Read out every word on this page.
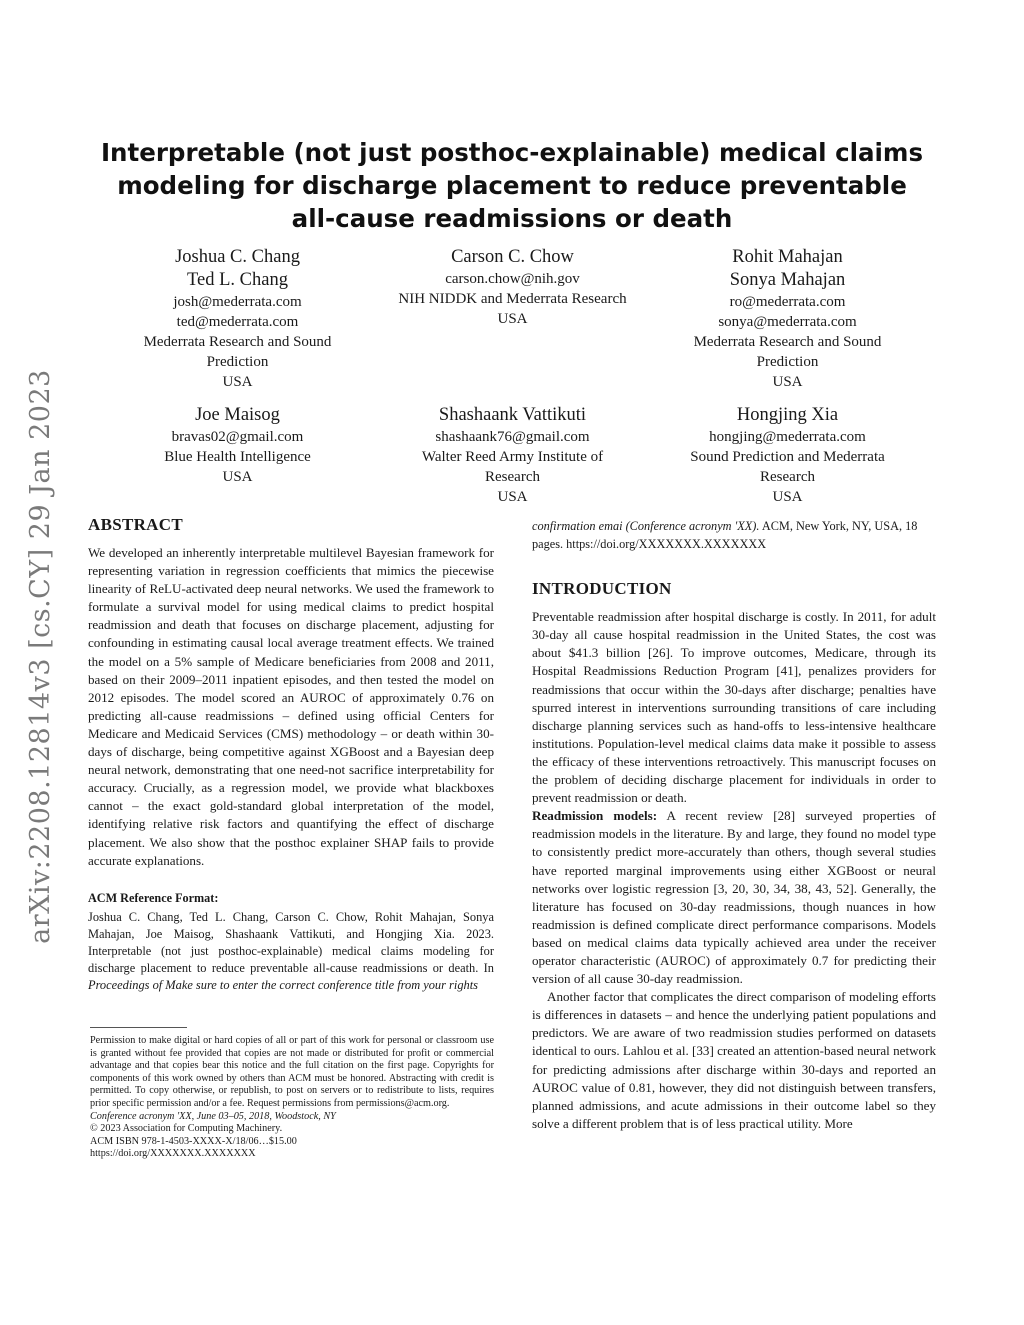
arXiv:2208.12814v3 [cs.CY] 29 Jan 2023
Interpretable (not just posthoc-explainable) medical claims
modeling for discharge placement to reduce preventable
all-cause readmissions or death
Joshua C. Chang
Ted L. Chang
josh@mederrata.com
ted@mederrata.com
Mederrata Research and Sound
Prediction
USA
Carson C. Chow
carson.chow@nih.gov
NIH NIDDK and Mederrata Research
USA
Rohit Mahajan
Sonya Mahajan
ro@mederrata.com
sonya@mederrata.com
Mederrata Research and Sound
Prediction
USA
Joe Maisog
bravas02@gmail.com
Blue Health Intelligence
USA
Shashaank Vattikuti
shashaank76@gmail.com
Walter Reed Army Institute of
Research
USA
Hongjing Xia
hongjing@mederrata.com
Sound Prediction and Mederrata
Research
USA
ABSTRACT

We developed an inherently interpretable multilevel Bayesian framework for representing variation in regression coefficients that mimics the piecewise linearity of ReLU-activated deep neural networks. We used the framework to formulate a survival model for using medical claims to predict hospital readmission and death that focuses on discharge placement, adjusting for confounding in estimating causal local average treatment effects. We trained the model on a 5% sample of Medicare beneficiaries from 2008 and 2011, based on their 2009–2011 inpatient episodes, and then tested the model on 2012 episodes. The model scored an AUROC of approximately 0.76 on predicting all-cause readmissions – defined using official Centers for Medicare and Medicaid Services (CMS) methodology – or death within 30-days of discharge, being competitive against XGBoost and a Bayesian deep neural network, demonstrating that one need-not sacrifice interpretability for accuracy. Crucially, as a regression model, we provide what blackboxes cannot – the exact gold-standard global interpretation of the model, identifying relative risk factors and quantifying the effect of discharge placement. We also show that the posthoc explainer SHAP fails to provide accurate explanations.

ACM Reference Format:

Joshua C. Chang, Ted L. Chang, Carson C. Chow, Rohit Mahajan, Sonya Mahajan, Joe Maisog, Shashaank Vattikuti, and Hongjing Xia. 2023. Interpretable (not just posthoc-explainable) medical claims modeling for discharge placement to reduce preventable all-cause readmissions or death. In Proceedings of Make sure to enter the correct conference title from your rights

Permission to make digital or hard copies of all or part of this work for personal or classroom use is granted without fee provided that copies are not made or distributed for profit or commercial advantage and that copies bear this notice and the full citation on the first page. Copyrights for components of this work owned by others than ACM must be honored. Abstracting with credit is permitted. To copy otherwise, or republish, to post on servers or to redistribute to lists, requires prior specific permission and/or a fee. Request permissions from permissions@acm.org.

Conference acronym 'XX, June 03–05, 2018, Woodstock, NY

© 2023 Association for Computing Machinery.

ACM ISBN 978-1-4503-XXXX-X/18/06…$15.00

https://doi.org/XXXXXXX.XXXXXXX

confirmation emai (Conference acronym 'XX). ACM, New York, NY, USA, 18 pages. https://doi.org/XXXXXXX.XXXXXXX

INTRODUCTION

Preventable readmission after hospital discharge is costly. In 2011, for adult 30-day all cause hospital readmission in the United States, the cost was about $41.3 billion [26]. To improve outcomes, Medicare, through its Hospital Readmissions Reduction Program [41], penalizes providers for readmissions that occur within the 30-days after discharge; penalties have spurred interest in interventions surrounding transitions of care including discharge planning services such as hand-offs to less-intensive healthcare institutions. Population-level medical claims data make it possible to assess the efficacy of these interventions retroactively. This manuscript focuses on the problem of deciding discharge placement for individuals in order to prevent readmission or death.

Readmission models: A recent review [28] surveyed properties of readmission models in the literature. By and large, they found no model type to consistently predict more-accurately than others, though several studies have reported marginal improvements using either XGBoost or neural networks over logistic regression [3, 20, 30, 34, 38, 43, 52]. Generally, the literature has focused on 30-day readmissions, though nuances in how readmission is defined complicate direct performance comparisons. Models based on medical claims data typically achieved area under the receiver operator characteristic (AUROC) of approximately 0.7 for predicting their version of all cause 30-day readmission.

Another factor that complicates the direct comparison of modeling efforts is differences in datasets – and hence the underlying patient populations and predictors. We are aware of two readmission studies performed on datasets identical to ours. Lahlou et al. [33] created an attention-based neural network for predicting admissions after discharge within 30-days and reported an AUROC value of 0.81, however, they did not distinguish between transfers, planned admissions, and acute admissions in their outcome label so they solve a different problem that is of less practical utility. More
